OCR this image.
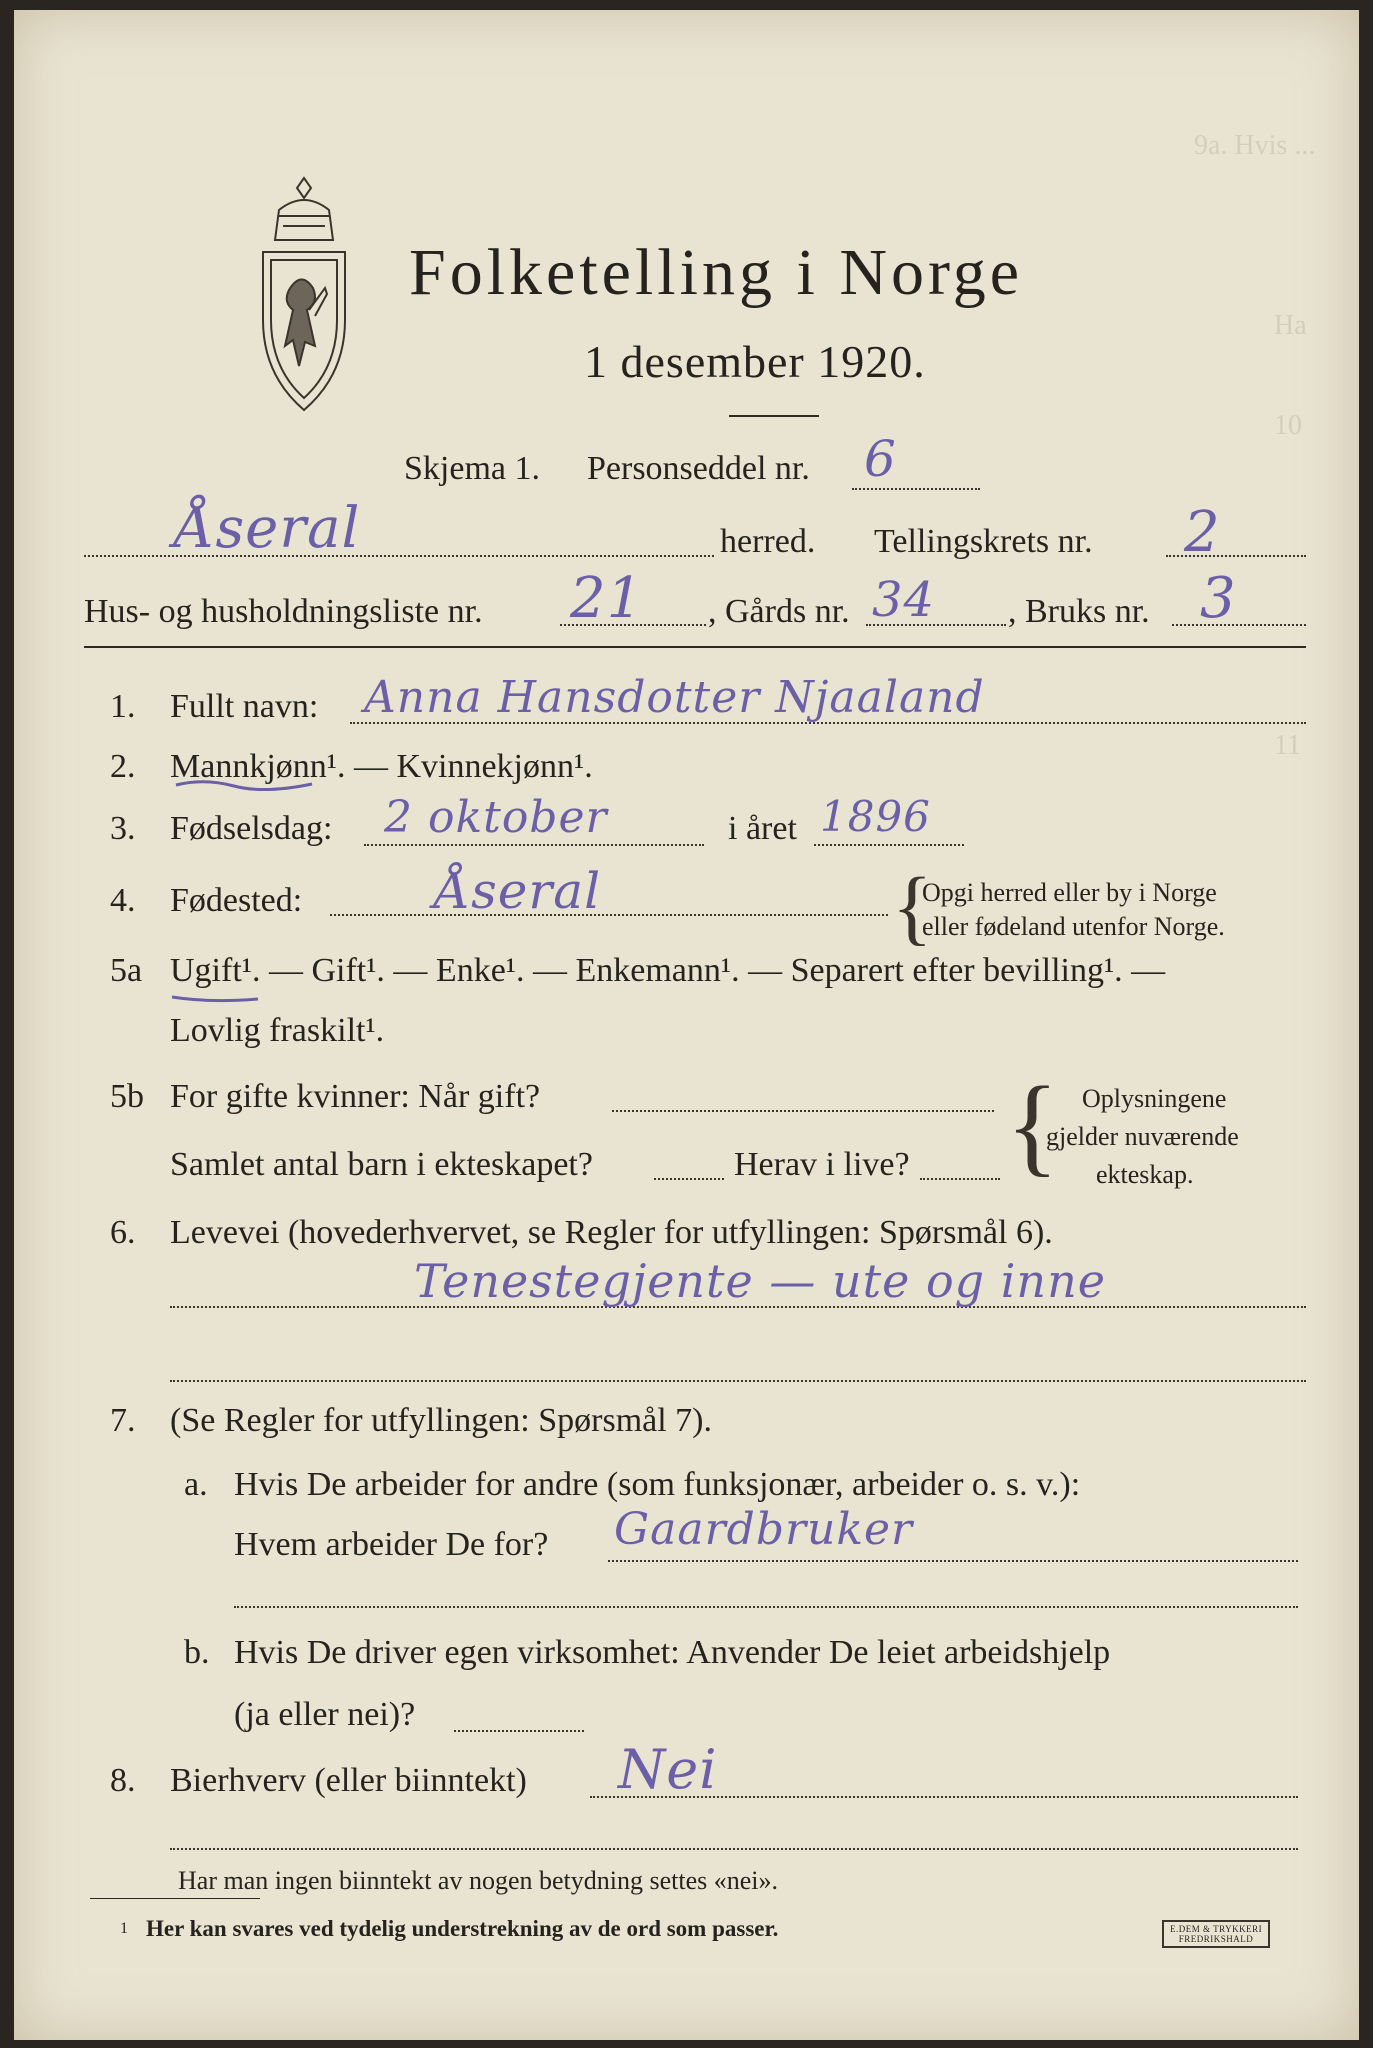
9a. Hvis ...
Ha
10
11
Folketelling i Norge
1 desember 1920.
Skjema 1. Personseddel nr. 6
Åseral	herred. Tellingskrets nr. 2
Hus- og husholdningsliste nr. 21 , Gårds nr. 34 , Bruks nr. 3
1. Fullt navn: Anna Hansdotter Njaaland
2. Mannkjønn¹. — Kvinnekjønn¹.
3. Fødselsdag: 2 oktober	i året 1896
4. Fødested:	Åseral	{
Opgi herred eller by i Norge
eller fødeland utenfor Norge.
5a Ugift¹. — Gift¹. — Enke¹. — Enkemann¹. — Separert efter bevilling¹. —
Lovlig fraskilt¹.
5b For gifte kvinner: Når gift?
Samlet antal barn i ekteskapet?	Herav i live? { Oplysningene
gjelder nuværende
ekteskap.
6. Levevei (hovederhvervet, se Regler for utfyllingen: Spørsmål 6).
Tenestegjente — ute og inne
7. (Se Regler for utfyllingen: Spørsmål 7).
a. Hvis De arbeider for andre (som funksjonær, arbeider o. s. v.):
Hvem arbeider De for? Gaardbruker
b. Hvis De driver egen virksomhet: Anvender De leiet arbeidshjelp
(ja eller nei)?
8. Bierhverv (eller biinntekt) Nei
Har man ingen biinntekt av nogen betydning settes «nei».
1 Her kan svares ved tydelig understrekning av de ord som passer.	E.DEM & TRYKKERI
FREDRIKSHALD
